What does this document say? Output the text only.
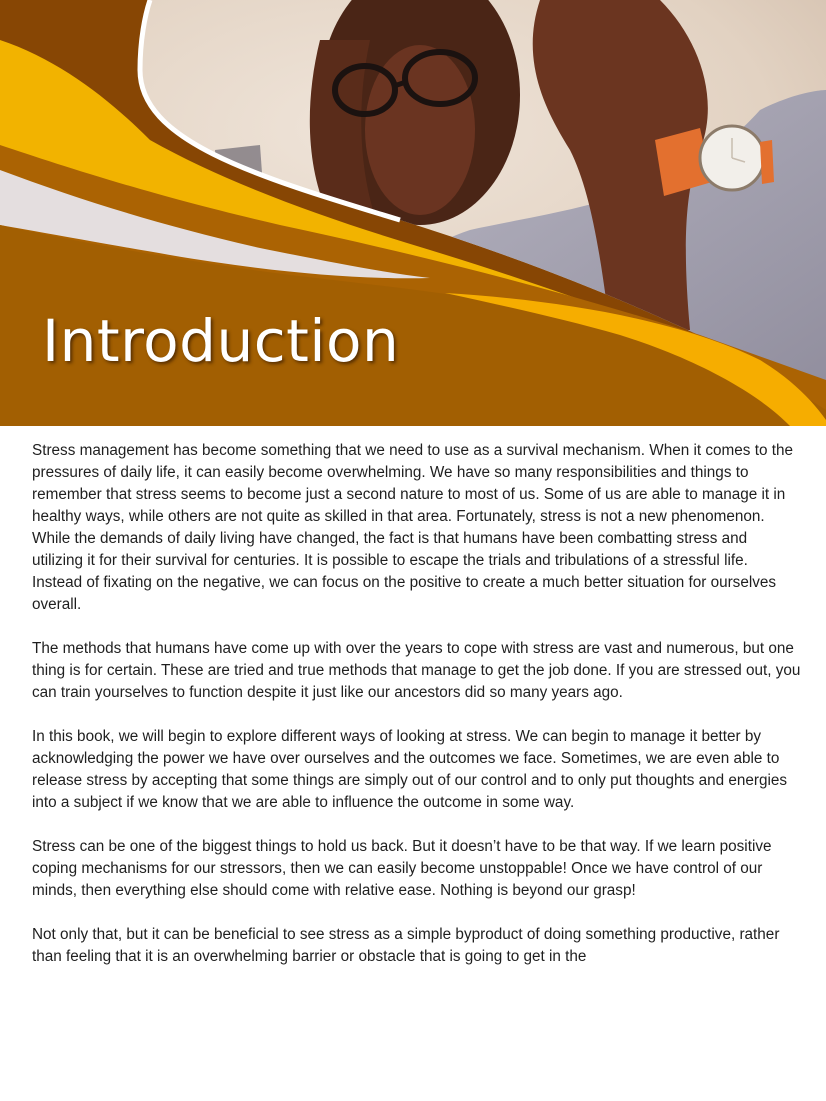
Introduction

Stress management has become something that we need to use as a survival mechanism. When it comes to the pressures of daily life, it can easily become overwhelming. We have so many responsibilities and things to remember that stress seems to become just a second nature to most of us. Some of us are able to manage it in healthy ways, while others are not quite as skilled in that area. Fortunately, stress is not a new phenomenon. While the demands of daily living have changed, the fact is that humans have been combatting stress and utilizing it for their survival for centuries. It is possible to escape the trials and tribulations of a stressful life. Instead of fixating on the negative, we can focus on the positive to create a much better situation for ourselves overall.

The methods that humans have come up with over the years to cope with stress are vast and numerous, but one thing is for certain. These are tried and true methods that manage to get the job done. If you are stressed out, you can train yourselves to function despite it just like our ancestors did so many years ago.

In this book, we will begin to explore different ways of looking at stress. We can begin to manage it better by acknowledging the power we have over ourselves and the outcomes we face. Sometimes, we are even able to release stress by accepting that some things are simply out of our control and to only put thoughts and energies into a subject if we know that we are able to influence the outcome in some way.

Stress can be one of the biggest things to hold us back. But it doesn’t have to be that way. If we learn positive coping mechanisms for our stressors, then we can easily become unstoppable! Once we have control of our minds, then everything else should come with relative ease. Nothing is beyond our grasp!

Not only that, but it can be beneficial to see stress as a simple byproduct of doing something productive, rather than feeling that it is an overwhelming barrier or obstacle that is going to get in the
